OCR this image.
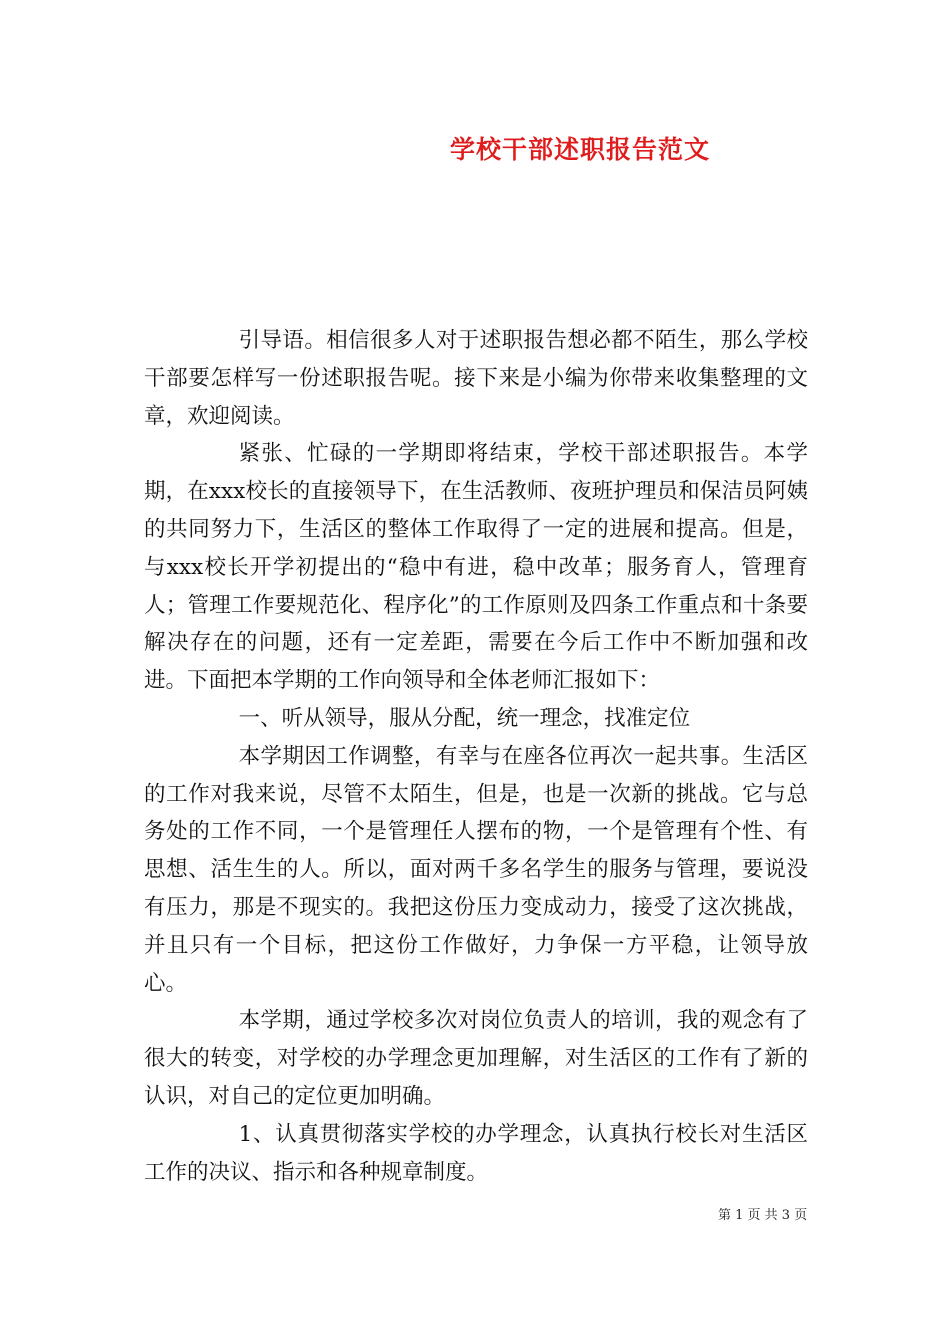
学校干部述职报告范文

引导语。相信很多人对于述职报告想必都不陌生，那么学校干部要怎样写一份述职报告呢。接下来是小编为你带来收集整理的文章，欢迎阅读。

紧张、忙碌的一学期即将结束，学校干部述职报告。本学期，在xxx校长的直接领导下，在生活教师、夜班护理员和保洁员阿姨的共同努力下，生活区的整体工作取得了一定的进展和提高。但是，与xxx校长开学初提出的“稳中有进，稳中改革；服务育人，管理育人；管理工作要规范化、程序化”的工作原则及四条工作重点和十条要解决存在的问题，还有一定差距，需要在今后工作中不断加强和改进。下面把本学期的工作向领导和全体老师汇报如下：

一、听从领导，服从分配，统一理念，找准定位

本学期因工作调整，有幸与在座各位再次一起共事。生活区的工作对我来说，尽管不太陌生，但是，也是一次新的挑战。它与总务处的工作不同，一个是管理任人摆布的物，一个是管理有个性、有思想、活生生的人。所以，面对两千多名学生的服务与管理，要说没有压力，那是不现实的。我把这份压力变成动力，接受了这次挑战，并且只有一个目标，把这份工作做好，力争保一方平稳，让领导放心。

本学期，通过学校多次对岗位负责人的培训，我的观念有了很大的转变，对学校的办学理念更加理解，对生活区的工作有了新的认识，对自己的定位更加明确。

1、认真贯彻落实学校的办学理念，认真执行校长对生活区工作的决议、指示和各种规章制度。

第 1 页 共 3 页
